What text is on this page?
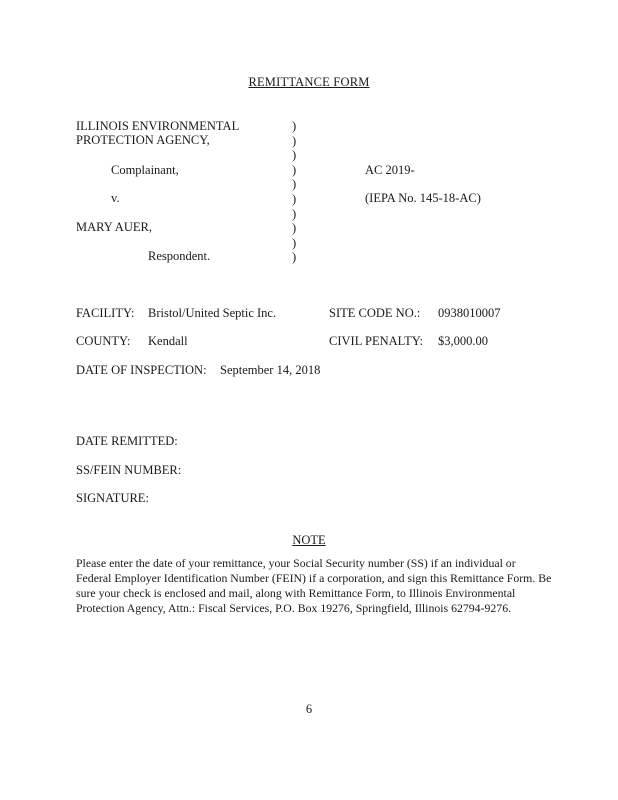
REMITTANCE FORM
ILLINOIS ENVIRONMENTAL
PROTECTION AGENCY,
Complainant,
v.
MARY AUER,
Respondent.
)
)
)
)
)
)
)
)
)
)
AC 2019-
(IEPA No. 145-18-AC)
FACILITY: Bristol/United Septic Inc.	SITE CODE NO.: 0938010007
COUNTY: Kendall	CIVIL PENALTY: $3,000.00
DATE OF INSPECTION: September 14, 2018
DATE REMITTED:
SS/FEIN NUMBER:
SIGNATURE:
NOTE
Please enter the date of your remittance, your Social Security number (SS) if an individual or Federal Employer Identification Number (FEIN) if a corporation, and sign this Remittance Form. Be sure your check is enclosed and mail, along with Remittance Form, to Illinois Environmental Protection Agency, Attn.: Fiscal Services, P.O. Box 19276, Springfield, Illinois 62794-9276.
6
